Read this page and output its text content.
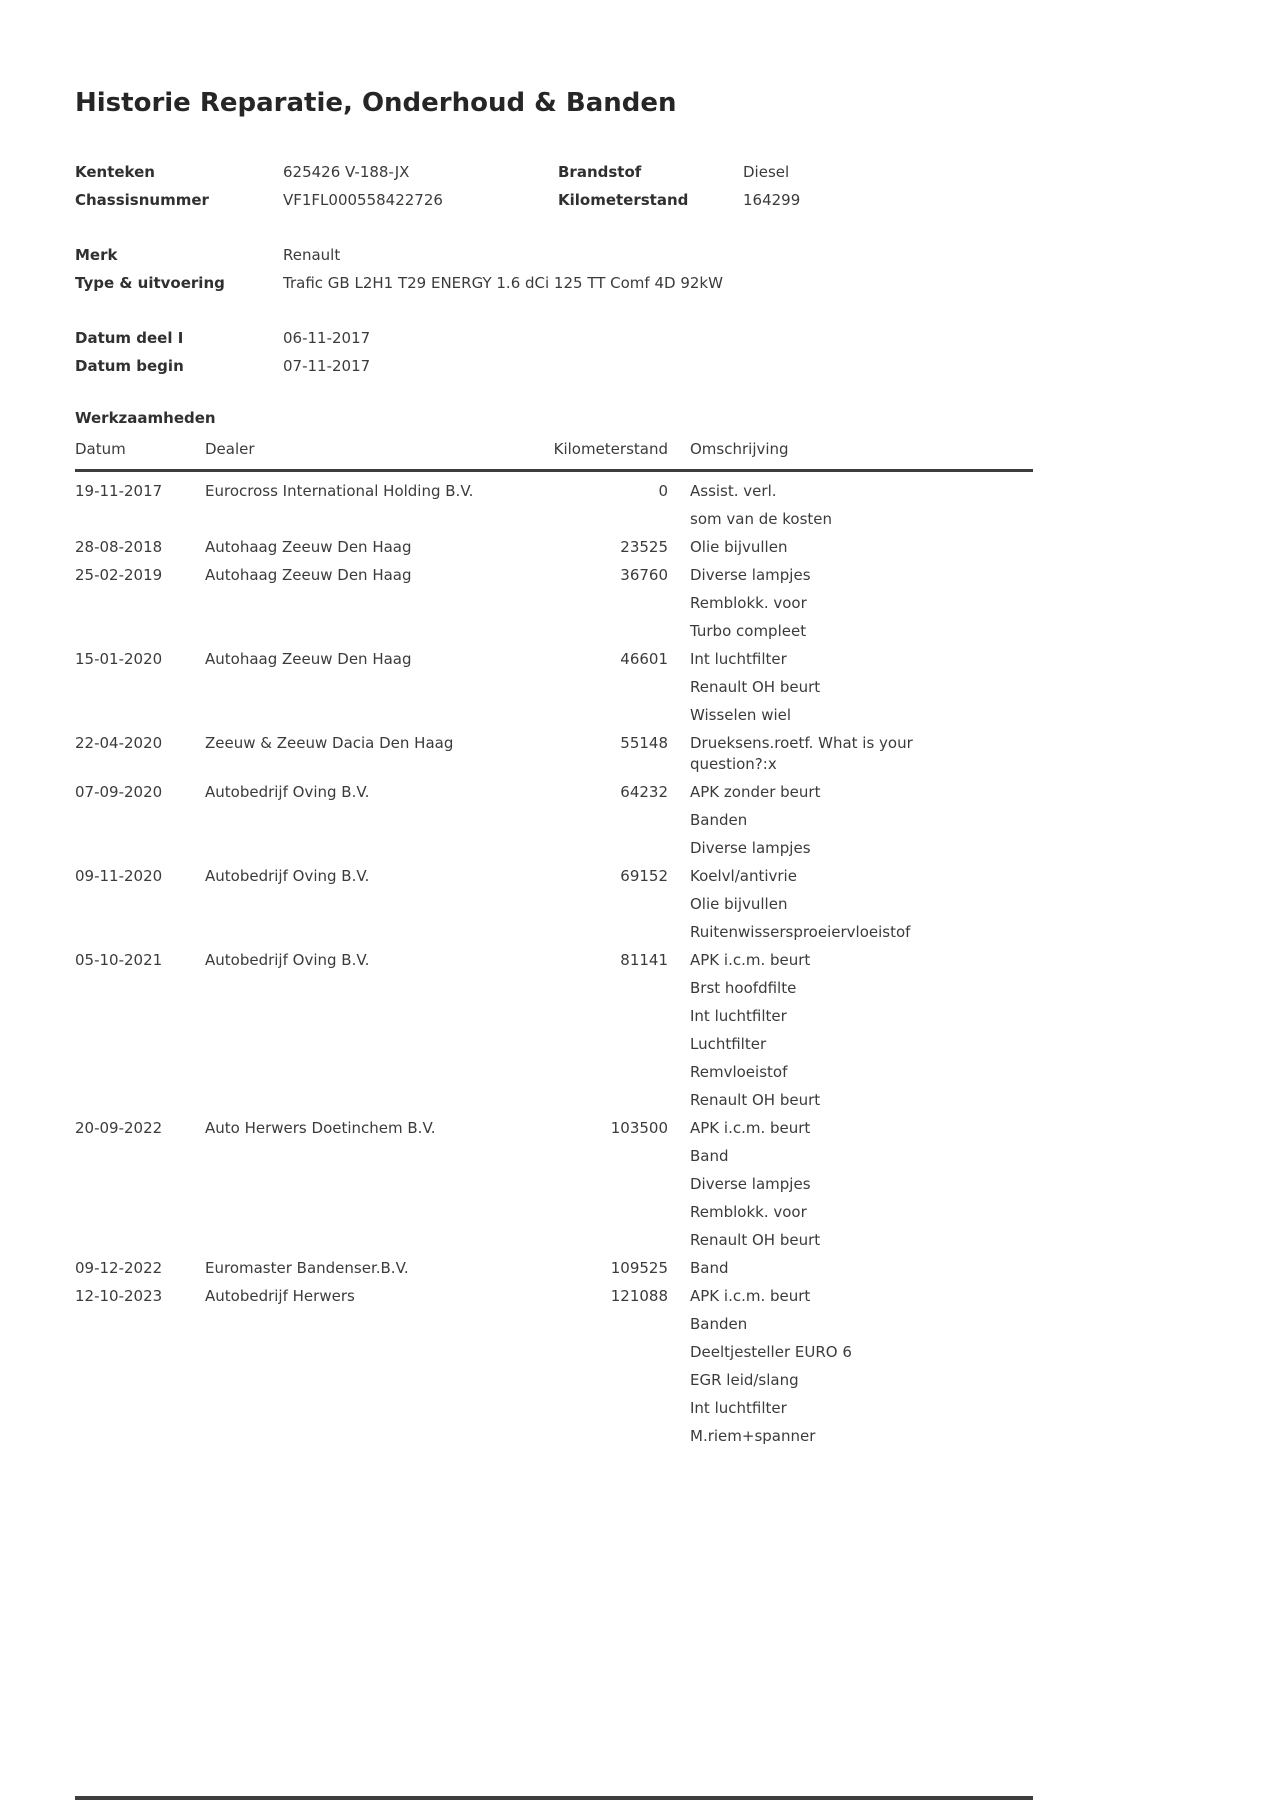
Historie Reparatie, Onderhoud & Banden
Kenteken	625426 V-188-JX	Brandstof	Diesel
Chassisnummer	VF1FL000558422726	Kilometerstand	164299
Merk	Renault
Type & uitvoering	Trafic GB L2H1 T29 ENERGY 1.6 dCi 125 TT Comf 4D 92kW
Datum deel I	06-11-2017
Datum begin	07-11-2017
Werkzaamheden
Datum	Dealer	Kilometerstand	Omschrijving
19-11-2017	Eurocross International Holding B.V.	0	Assist. verl.
som van de kosten
28-08-2018	Autohaag Zeeuw Den Haag	23525	Olie bijvullen
25-02-2019	Autohaag Zeeuw Den Haag	36760	Diverse lampjes
Remblokk. voor
Turbo compleet
15-01-2020	Autohaag Zeeuw Den Haag	46601	Int luchtfilter
Renault OH beurt
Wisselen wiel
22-04-2020	Zeeuw & Zeeuw Dacia Den Haag	55148	Drueksens.roetf. What is your question?:x
07-09-2020	Autobedrijf Oving B.V.	64232	APK zonder beurt
Banden
Diverse lampjes
09-11-2020	Autobedrijf Oving B.V.	69152	Koelvl/antivrie
Olie bijvullen
Ruitenwissersproeiervloeistof
05-10-2021	Autobedrijf Oving B.V.	81141	APK i.c.m. beurt
Brst hoofdfilte
Int luchtfilter
Luchtfilter
Remvloeistof
Renault OH beurt
20-09-2022	Auto Herwers Doetinchem B.V.	103500	APK i.c.m. beurt
Band
Diverse lampjes
Remblokk. voor
Renault OH beurt
09-12-2022	Euromaster Bandenser.B.V.	109525	Band
12-10-2023	Autobedrijf Herwers	121088	APK i.c.m. beurt
Banden
Deeltjesteller EURO 6
EGR leid/slang
Int luchtfilter
M.riem+spanner
